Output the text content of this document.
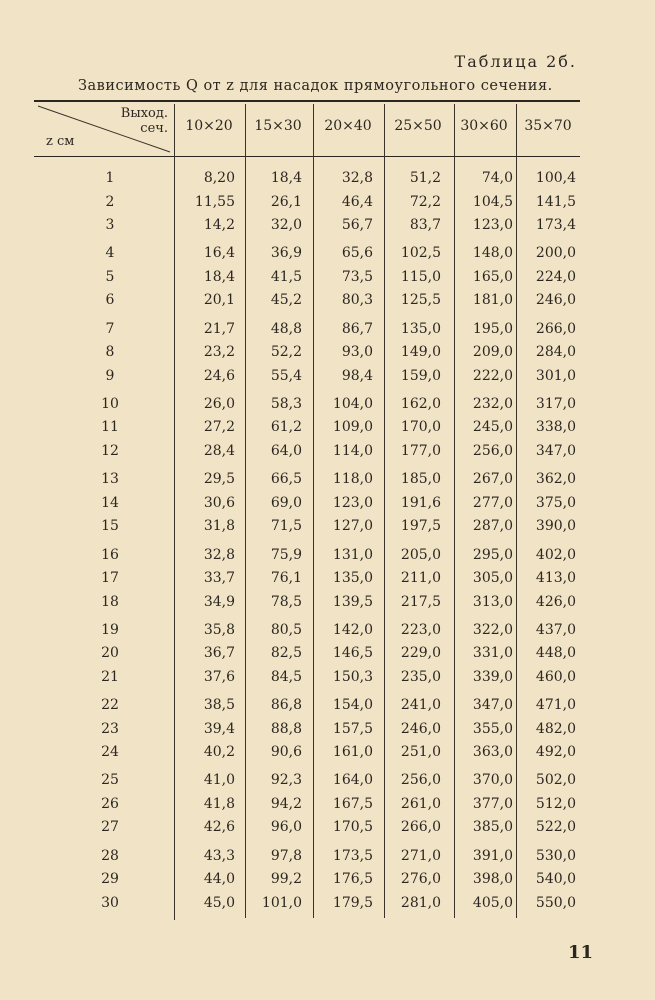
Таблица 2б.
Зависимость Q от z для насадок прямоугольного сечения.
Выход. сеч.
z см
10×20	15×30	20×40	25×50	30×60	35×70
1	8,20	18,4	32,8	51,2	74,0	100,4
2	11,55	26,1	46,4	72,2	104,5	141,5
3	14,2	32,0	56,7	83,7	123,0	173,4
4	16,4	36,9	65,6	102,5	148,0	200,0
5	18,4	41,5	73,5	115,0	165,0	224,0
6	20,1	45,2	80,3	125,5	181,0	246,0
7	21,7	48,8	86,7	135,0	195,0	266,0
8	23,2	52,2	93,0	149,0	209,0	284,0
9	24,6	55,4	98,4	159,0	222,0	301,0
10	26,0	58,3	104,0	162,0	232,0	317,0
11	27,2	61,2	109,0	170,0	245,0	338,0
12	28,4	64,0	114,0	177,0	256,0	347,0
13	29,5	66,5	118,0	185,0	267,0	362,0
14	30,6	69,0	123,0	191,6	277,0	375,0
15	31,8	71,5	127,0	197,5	287,0	390,0
16	32,8	75,9	131,0	205,0	295,0	402,0
17	33,7	76,1	135,0	211,0	305,0	413,0
18	34,9	78,5	139,5	217,5	313,0	426,0
19	35,8	80,5	142,0	223,0	322,0	437,0
20	36,7	82,5	146,5	229,0	331,0	448,0
21	37,6	84,5	150,3	235,0	339,0	460,0
22	38,5	86,8	154,0	241,0	347,0	471,0
23	39,4	88,8	157,5	246,0	355,0	482,0
24	40,2	90,6	161,0	251,0	363,0	492,0
25	41,0	92,3	164,0	256,0	370,0	502,0
26	41,8	94,2	167,5	261,0	377,0	512,0
27	42,6	96,0	170,5	266,0	385,0	522,0
28	43,3	97,8	173,5	271,0	391,0	530,0
29	44,0	99,2	176,5	276,0	398,0	540,0
30	45,0	101,0	179,5	281,0	405,0	550,0
11
